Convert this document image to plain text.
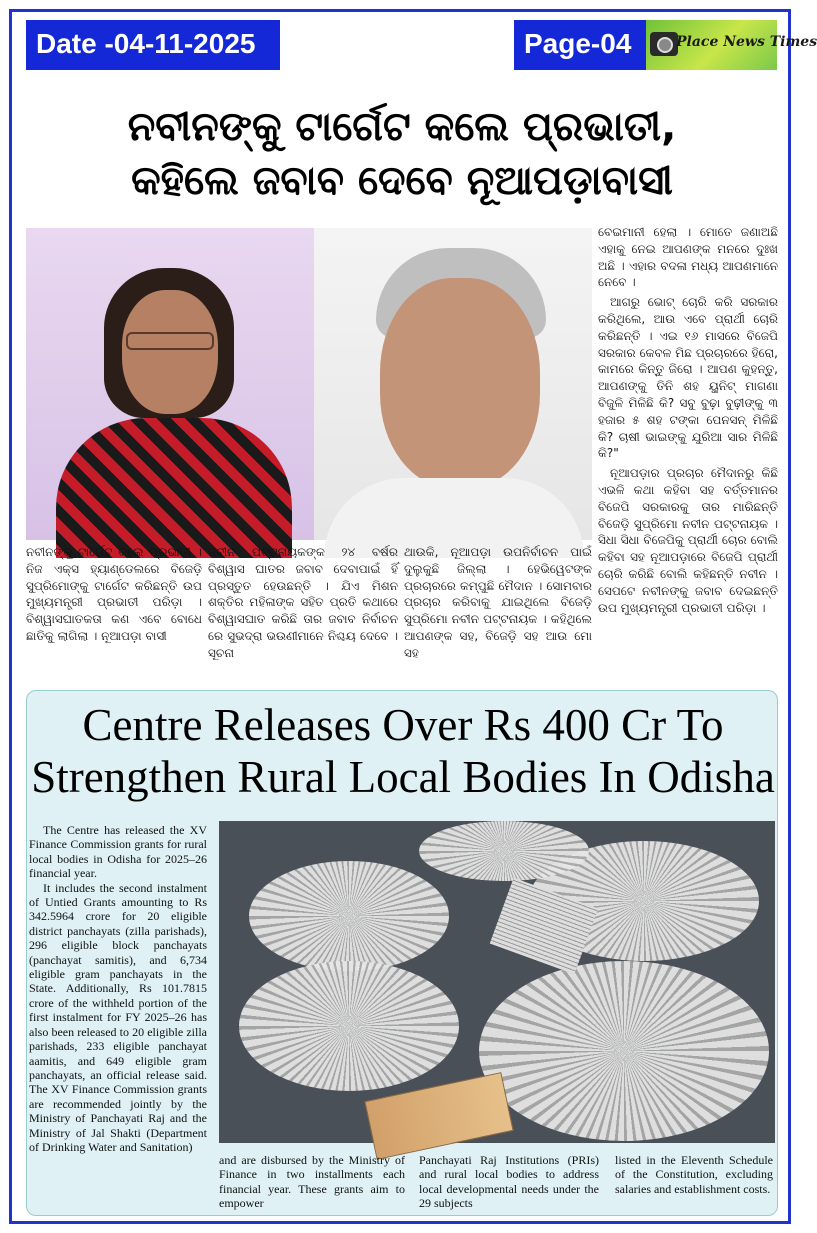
Date -04-11-2025	Page-04	Place News Times
ନବୀନଙ୍କୁ ଟାର୍ଗେଟ କଲେ ପ୍ରଭାତୀ,
କହିଲେ ଜବାବ ଦେବେ ନୂଆପଡ଼ାବାସୀ
ନବୀନଙ୍କୁ ଟାର୍ଗେଟ କଲେ ପ୍ରଭାତୀ । ନିଜ ଏକ୍ସ ହ୍ୟାଣ୍ଡେଲରେ ବିଜେଡ଼ି ସୁପ୍ରିମୋଙ୍କୁ ଟାର୍ଗେଟ କରିଛନ୍ତି ଉପ ମୁଖ୍ୟମନ୍ତ୍ରୀ ପ୍ରଭାତୀ ପରିଡ଼ା । ବିଶ୍ୱାସଘାତକତା କଣ ଏବେ ବୋଧେ ଛାତିକୁ ଲାଗିଲା । ନୂଆପଡ଼ା ବାସୀ
ନବୀନ ପଟ୍ଟନାୟକଙ୍କ ୨୪ ବର୍ଷର ବିଶ୍ୱାସ ଘାତର ଜବାବ ଦେବାପାଇଁ ହିଁ ପ୍ରସ୍ତୁତ ହେଉଛନ୍ତି । ଯିଏ ମିଶନ ଶକ୍ତିର ମହିଳାଙ୍କ ସହିତ ପ୍ରତି କଥାରେ ବିଶ୍ୱାସଘାତ କରିଛି ତାର ଜବାବ ନିର୍ବାଚନ ରେ ସୁଭଦ୍ରା ଭଉଣୀମାନେ ନିଶ୍ଚୟ ଦେବେ । ସୂଚନା
ଥାଉକି, ନୂଆପଡ଼ା ଉପନିର୍ବାଚନ ପାଇଁ ଦୁଲୁକୁଛି ଜିଲ୍ଲା । ହେଭିୱେଟଙ୍କ ପ୍ରଚାରରେ କମ୍ପୁଛି ମୈଦାନ । ସୋମବାର ପ୍ରଚାର କରିବାକୁ ଯାଇଥିଲେ ବିଜେଡ଼ି ସୁପ୍ରିମୋ ନବୀନ ପଟ୍ଟନାୟକ । କହିଥିଲେ ଆପଣଙ୍କ ସହ, ବିଜେଡ଼ି ସହ ଆଉ ମୋ ସହ

ବେଇମାନୀ ହେଲା । ମୋତେ ଜଣାଅଛି ଏହାକୁ ନେଇ ଆପଣଙ୍କ ମନରେ ଦୁଃଖ ଅଛି । ଏହାର ବଦଳା ମଧ୍ୟ ଆପଣମାନେ ନେବେ ।

ଆଗରୁ ଭୋଟ୍ ଚୋରି କରି ସରକାର କରିଥିଲେ, ଆଉ ଏବେ ପ୍ରାର୍ଥୀ ଚୋରି କରିଛନ୍ତି । ଏଇ ୧୬ ମାସରେ ବିଜେପି ସରକାର କେବଳ ମିଛ ପ୍ରଚାରରେ ହିରୋ, କାମରେ କିନ୍ତୁ ଜିରୋ । ଆପଣ କୁହନ୍ତୁ, ଆପଣଙ୍କୁ ତିନି ଶହ ୟୁନିଟ୍ ମାଗଣା ବିଜୁଳି ମିଳିଛି କି? ସବୁ ବୁଢ଼ା ବୁଢ଼ୀଙ୍କୁ ୩ ହଜାର ୫ ଶହ ଟଙ୍କା ପେନସନ୍ ମିଳିଛି କି? ଚାଷୀ ଭାଇଙ୍କୁ ଯୁରିଆ ସାର ମିଳିଛି କି?"

ନୂଆପଡ଼ାର ପ୍ରଚାର ମୈଦାନରୁ କିଛି ଏଭଳି କଥା କହିବା ସହ ବର୍ତ୍ତମାନର ବିଜେପି ସରକାରକୁ ତାର ମାରିଛନ୍ତି ବିଜେଡ଼ି ସୁପ୍ରିମୋ ନବୀନ ପଟ୍ଟନାୟକ । ସିଧା ସିଧା ବିଜେପିକୁ ପ୍ରାର୍ଥୀ ଚୋର ବୋଲି କହିବା ସହ ନୂଆପଡ଼ାରେ ବିଜେପି ପ୍ରାର୍ଥୀ ଚୋରି କରିଛି ବୋଲି କହିଛନ୍ତି ନବୀନ । ସେପଟେ ନବୀନଙ୍କୁ ଜବାବ ଦେଇଛନ୍ତି ଉପ ମୁଖ୍ୟମନ୍ତ୍ରୀ ପ୍ରଭାତୀ ପରିଡ଼ା ।

Centre Releases Over Rs 400 Cr To
Strengthen Rural Local Bodies In Odisha

The Centre has released the XV Finance Commission grants for rural local bodies in Odisha for 2025–26 financial year.

It includes the second instalment of Untied Grants amounting to Rs 342.5964 crore for 20 eligible district panchayats (zilla parishads), 296 eligible block panchayats (panchayat samitis), and 6,734 eligible gram panchayats in the State. Additionally, Rs 101.7815 crore of the withheld portion of the first instalment for FY 2025–26 has also been released to 20 eligible zilla parishads, 233 eligible panchayat aamitis, and 649 eligible gram panchayats, an official release said. The XV Finance Commission grants are recommended jointly by the Ministry of Panchayati Raj and the Ministry of Jal Shakti (Department of Drinking Water and Sanitation)

and are disbursed by the Ministry of Finance in two installments each financial year. These grants aim to empower
Panchayati Raj Institutions (PRIs) and rural local bodies to address local developmental needs under the 29 subjects
listed in the Eleventh Schedule of the Constitution, excluding salaries and establishment costs.
